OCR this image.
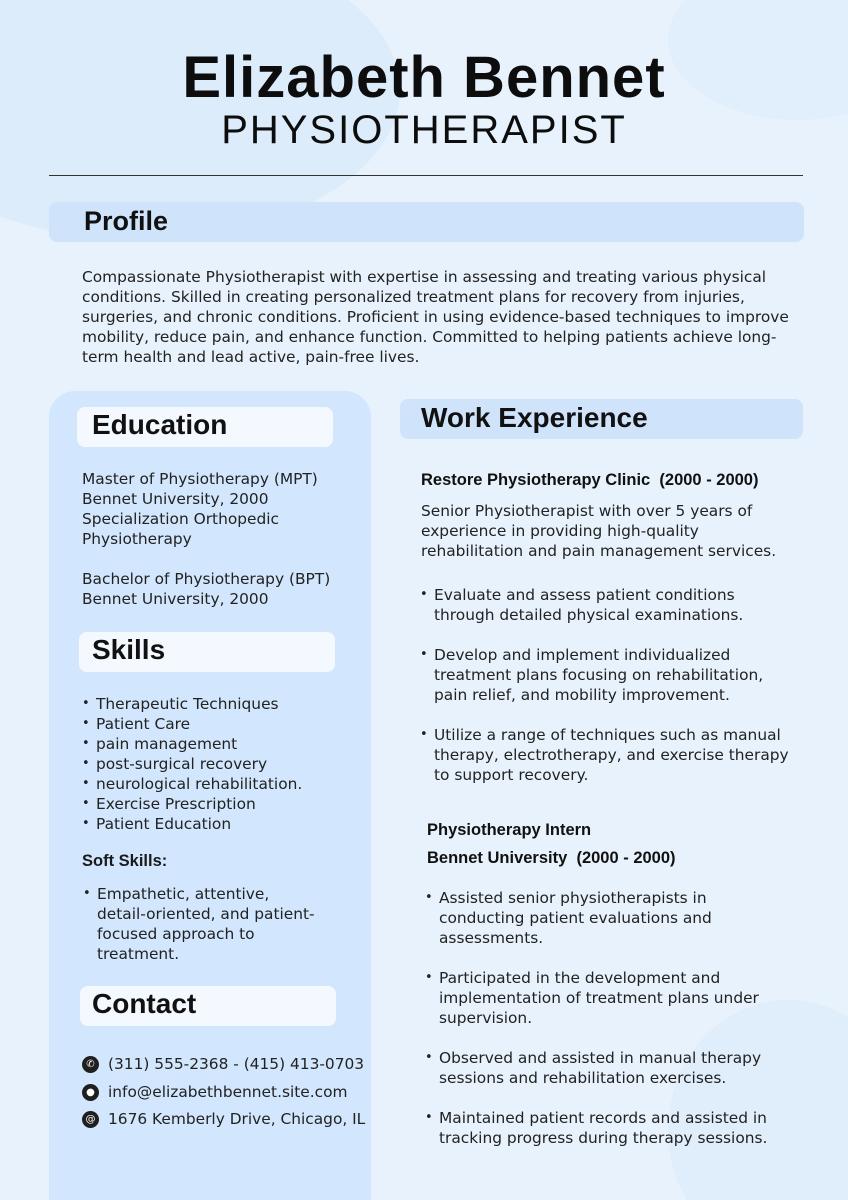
Elizabeth Bennet
PHYSIOTHERAPIST
Profile

Compassionate Physiotherapist with expertise in assessing and treating various physical conditions. Skilled in creating personalized treatment plans for recovery from injuries, surgeries, and chronic conditions. Proficient in using evidence-based techniques to improve mobility, reduce pain, and enhance function. Committed to helping patients achieve long-term health and lead active, pain-free lives.

Education
Master of Physiotherapy (MPT)
Bennet University, 2000
Specialization Orthopedic Physiotherapy
Bachelor of Physiotherapy (BPT)
Bennet University, 2000
Skills
• Therapeutic Techniques
• Patient Care
• pain management
• post-surgical recovery
• neurological rehabilitation.
• Exercise Prescription
• Patient Education
Soft Skills:
• Empathetic, attentive, detail-oriented, and patient-focused approach to treatment.
Contact
✆ (311) 555-2368 - (415) 413-0703
● info@elizabethbennet.site.com
@ 1676 Kemberly Drive, Chicago, IL
Work Experience
Restore Physiotherapy Clinic  (2000 - 2000)

Senior Physiotherapist with over 5 years of experience in providing high-quality rehabilitation and pain management services.

• Evaluate and assess patient conditions through detailed physical examinations.
• Develop and implement individualized treatment plans focusing on rehabilitation, pain relief, and mobility improvement.
• Utilize a range of techniques such as manual therapy, electrotherapy, and exercise therapy to support recovery.
Physiotherapy Intern
Bennet University  (2000 - 2000)
• Assisted senior physiotherapists in conducting patient evaluations and assessments.
• Participated in the development and implementation of treatment plans under supervision.
• Observed and assisted in manual therapy sessions and rehabilitation exercises.
• Maintained patient records and assisted in tracking progress during therapy sessions.
